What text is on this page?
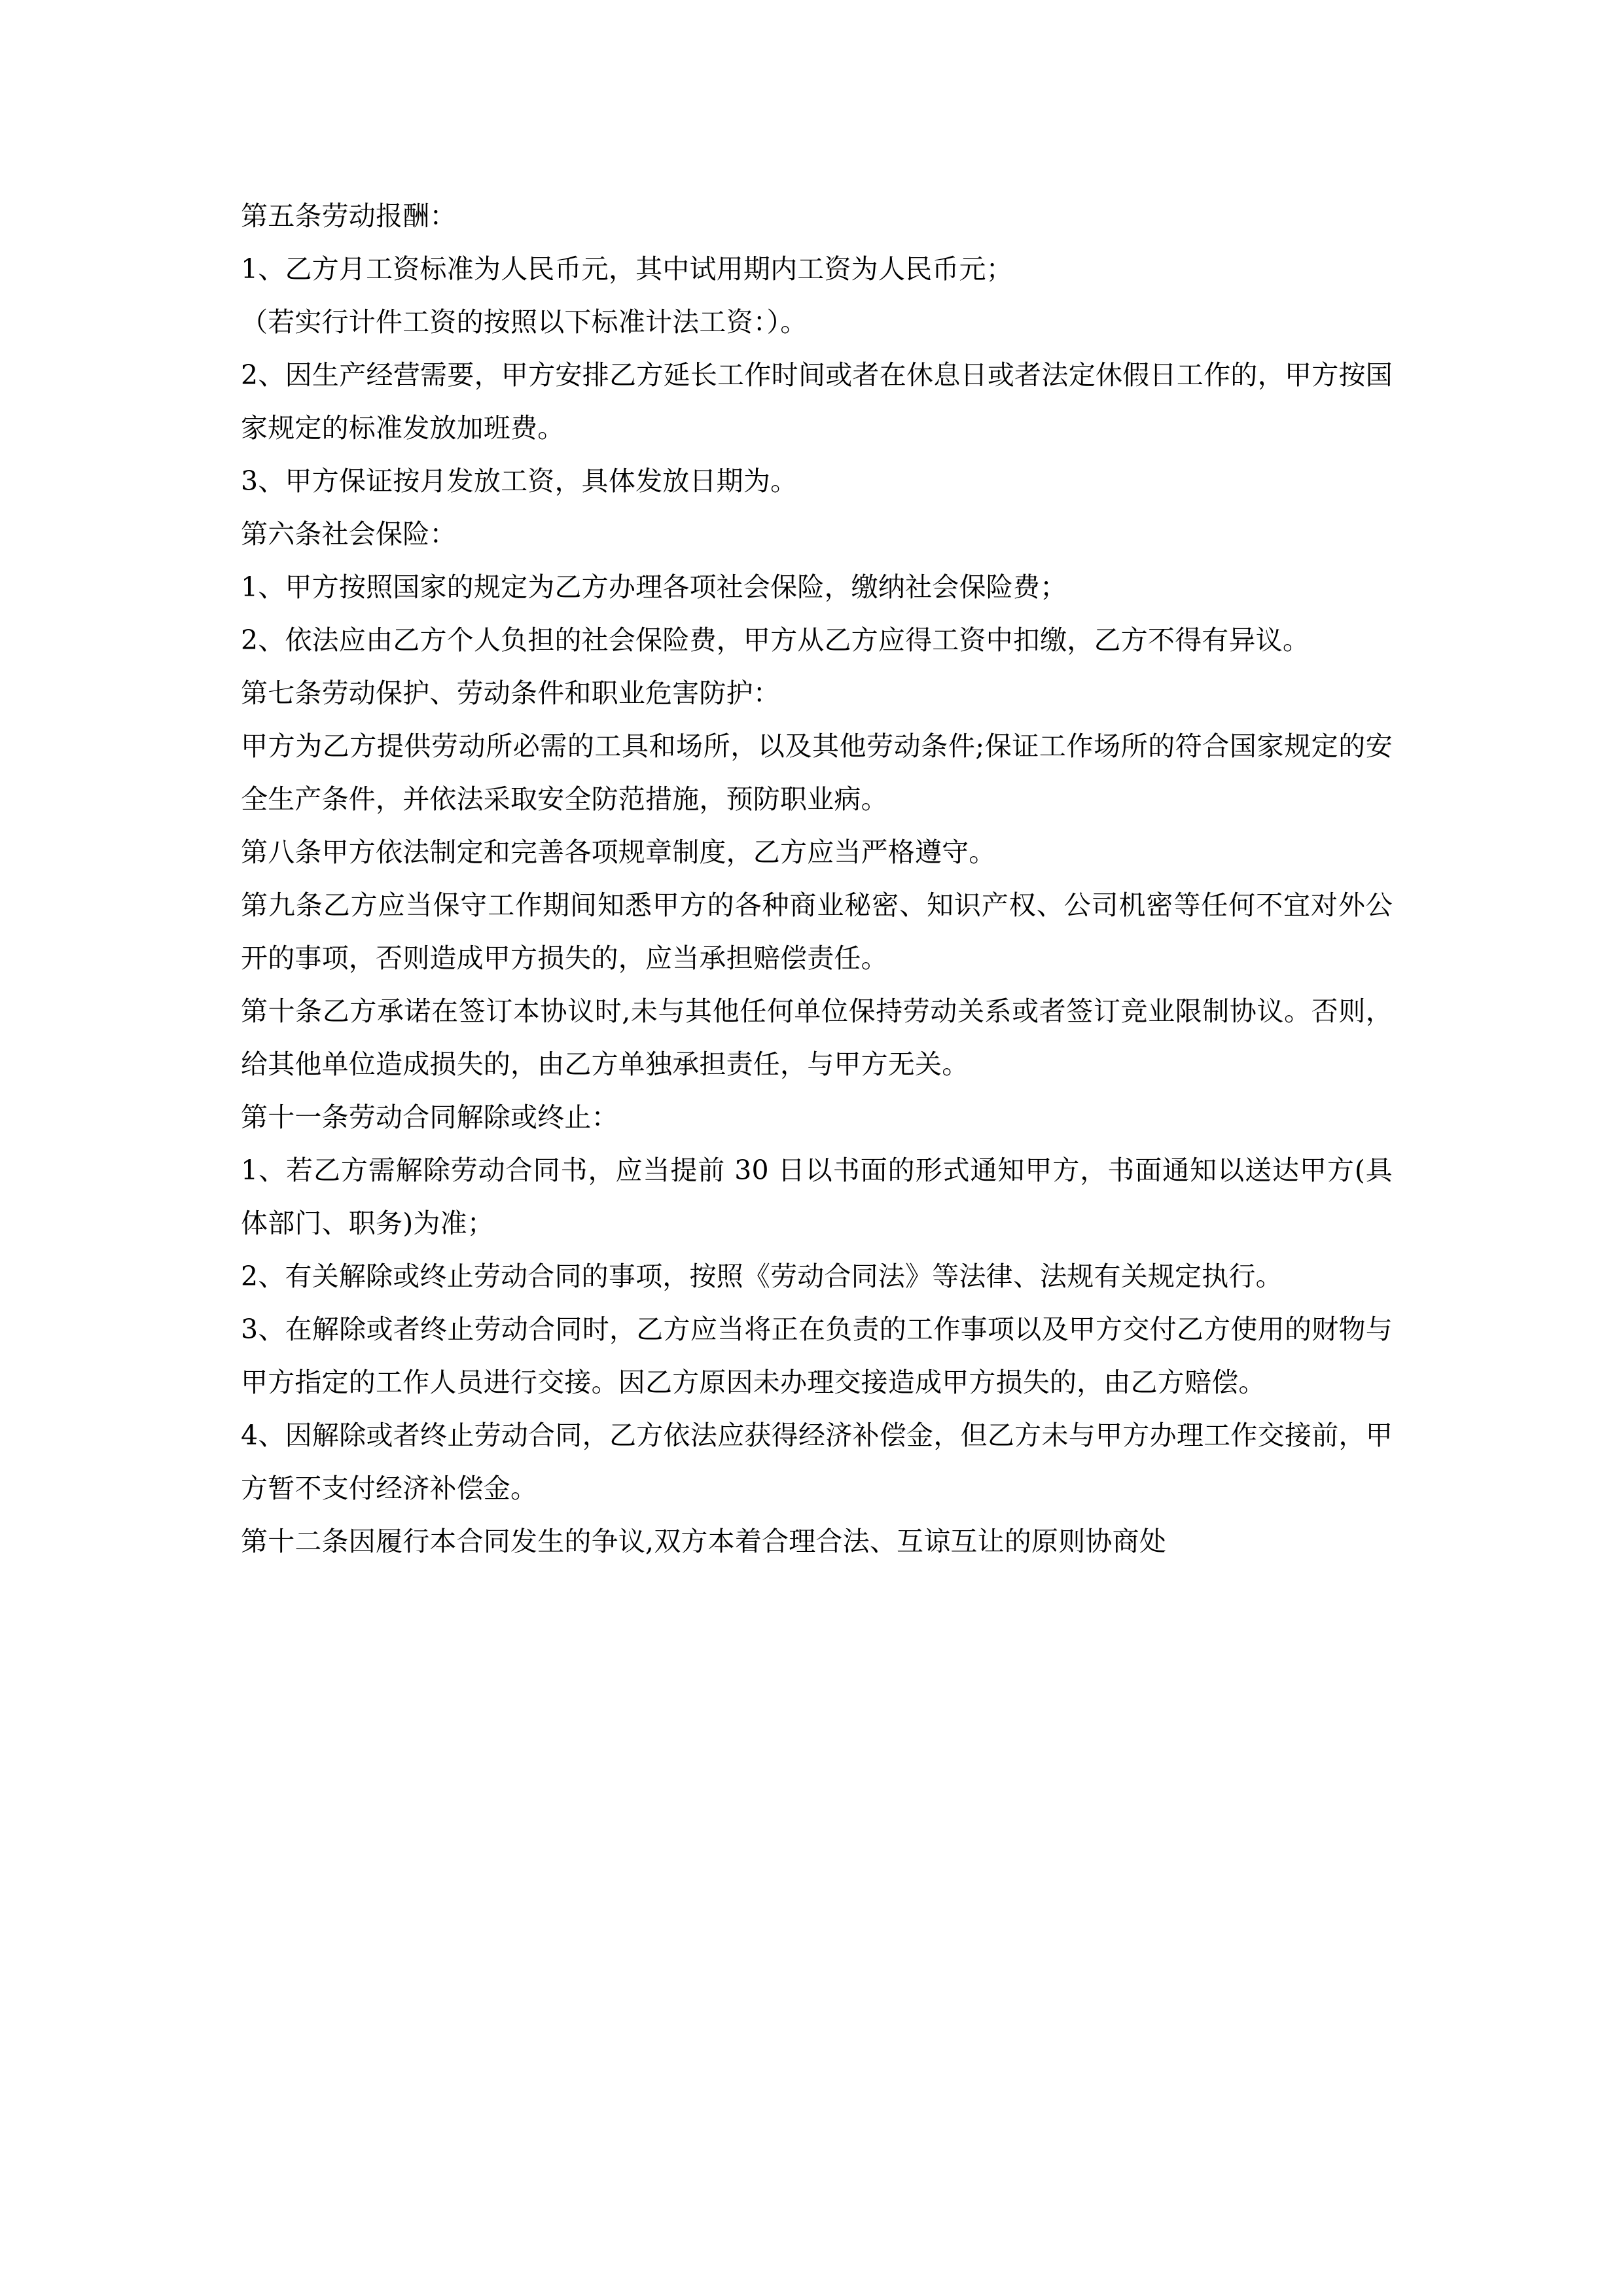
第五条劳动报酬：

1、乙方月工资标准为人民币元，其中试用期内工资为人民币元；

（若实行计件工资的按照以下标准计法工资：）。

2、因生产经营需要，甲方安排乙方延长工作时间或者在休息日或者法定休假日工作的，甲方按国家规定的标准发放加班费。

3、甲方保证按月发放工资，具体发放日期为。

第六条社会保险：

1、甲方按照国家的规定为乙方办理各项社会保险，缴纳社会保险费；

2、依法应由乙方个人负担的社会保险费，甲方从乙方应得工资中扣缴，乙方不得有异议。

第七条劳动保护、劳动条件和职业危害防护：

甲方为乙方提供劳动所必需的工具和场所，以及其他劳动条件;保证工作场所的符合国家规定的安全生产条件，并依法采取安全防范措施，预防职业病。

第八条甲方依法制定和完善各项规章制度，乙方应当严格遵守。

第九条乙方应当保守工作期间知悉甲方的各种商业秘密、知识产权、公司机密等任何不宜对外公开的事项，否则造成甲方损失的，应当承担赔偿责任。

第十条乙方承诺在签订本协议时,未与其他任何单位保持劳动关系或者签订竞业限制协议。否则，给其他单位造成损失的，由乙方单独承担责任，与甲方无关。

第十一条劳动合同解除或终止：

1、若乙方需解除劳动合同书，应当提前 30 日以书面的形式通知甲方，书面通知以送达甲方(具体部门、职务)为准；

2、有关解除或终止劳动合同的事项，按照《劳动合同法》等法律、法规有关规定执行。

3、在解除或者终止劳动合同时，乙方应当将正在负责的工作事项以及甲方交付乙方使用的财物与甲方指定的工作人员进行交接。因乙方原因未办理交接造成甲方损失的，由乙方赔偿。

4、因解除或者终止劳动合同，乙方依法应获得经济补偿金，但乙方未与甲方办理工作交接前，甲方暂不支付经济补偿金。

第十二条因履行本合同发生的争议,双方本着合理合法、互谅互让的原则协商处
